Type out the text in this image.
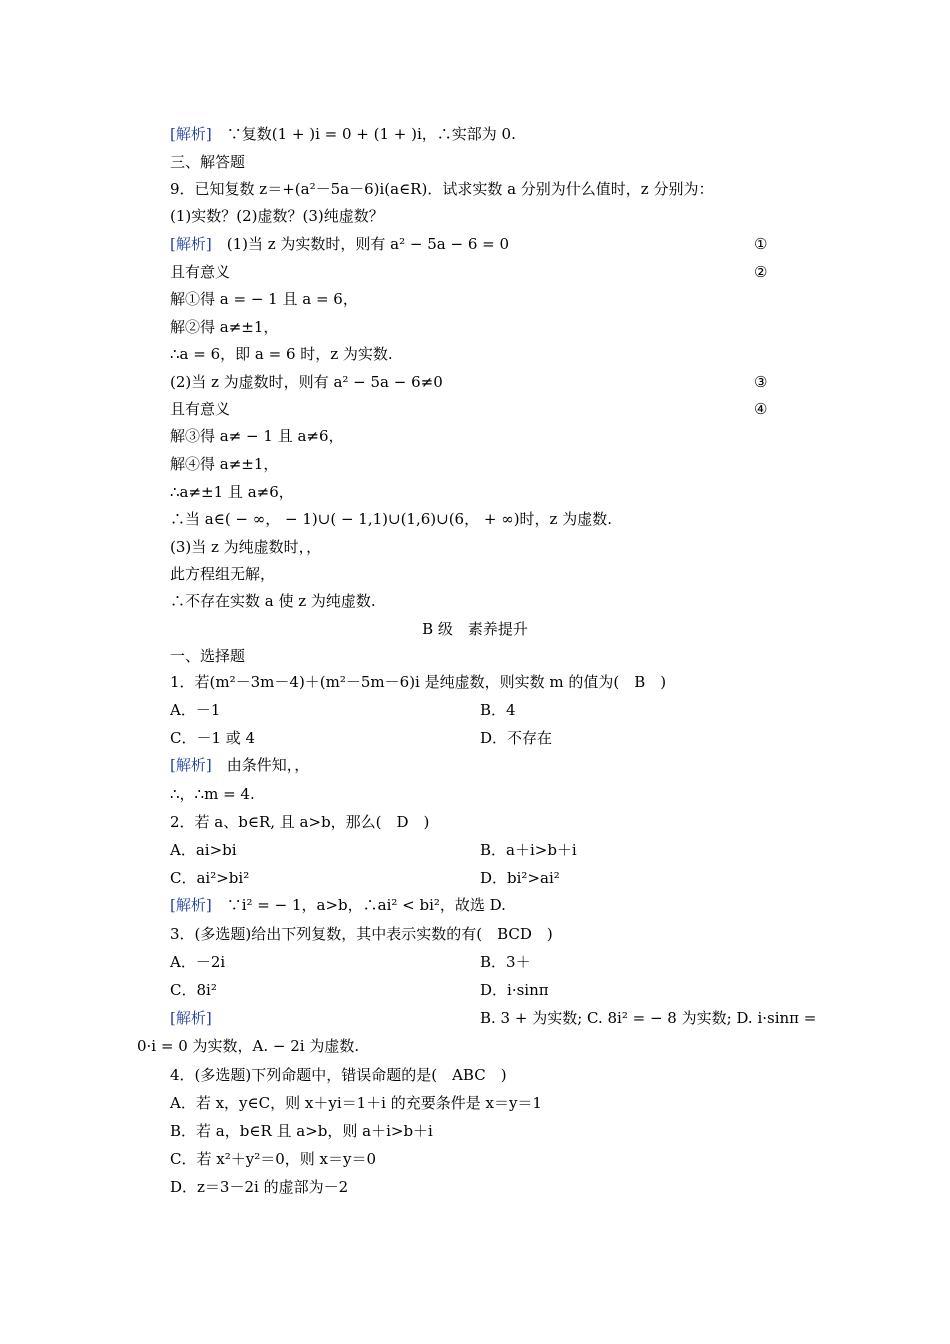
[解析]　∵复数(1 + )i = 0 + (1 + )i，∴实部为 0.
三、解答题
9．已知复数 z＝+(a²－5a－6)i(a∈R)．试求实数 a 分别为什么值时，z 分别为：
(1)实数？(2)虚数？(3)纯虚数？
[解析]　(1)当 z 为实数时，则有 a² − 5a − 6 = 0
且有意义
解①得 a = − 1 且 a = 6，
解②得 a≠±1，
∴a = 6，即 a = 6 时，z 为实数.
(2)当 z 为虚数时，则有 a² − 5a − 6≠0
且有意义
解③得 a≠ − 1 且 a≠6，
解④得 a≠±1，
∴a≠±1 且 a≠6，
∴当 a∈( − ∞， − 1)∪( − 1,1)∪(1,6)∪(6， + ∞)时，z 为虚数.
(3)当 z 为纯虚数时，，
此方程组无解，
∴不存在实数 a 使 z 为纯虚数.
一、选择题
1．若(m²－3m－4)＋(m²－5m－6)i 是纯虚数，则实数 m 的值为(　B　)
[解析]　由条件知，，
∴，∴m = 4.
2．若 a、b∈R, 且 a>b，那么(　D　)
[解析]　∵i² = − 1，a>b，∴ai² < bi²，故选 D.
3．(多选题)给出下列复数，其中表示实数的有(　BCD　)
[解析]
4．(多选题)下列命题中，错误命题的是(　ABC　)
A．若 x，y∈C，则 x＋yi＝1＋i 的充要条件是 x＝y＝1
B．若 a，b∈R 且 a>b，则 a＋i>b＋i
C．若 x²＋y²＝0，则 x＝y＝0
D．z＝3－2i 的虚部为－2
①
②
③
④
B 级　素养提升
A．－1	B．4
C．－1 或 4	D．不存在
A．ai>bi	B．a＋i>b＋i
C．ai²>bi²	D．bi²>ai²
A．－2i	B．3＋
C．8i²	D．i·sinπ
B. 3 + 为实数; C. 8i² = − 8 为实数; D. i·sinπ =
0·i = 0 为实数，A. − 2i 为虚数.
